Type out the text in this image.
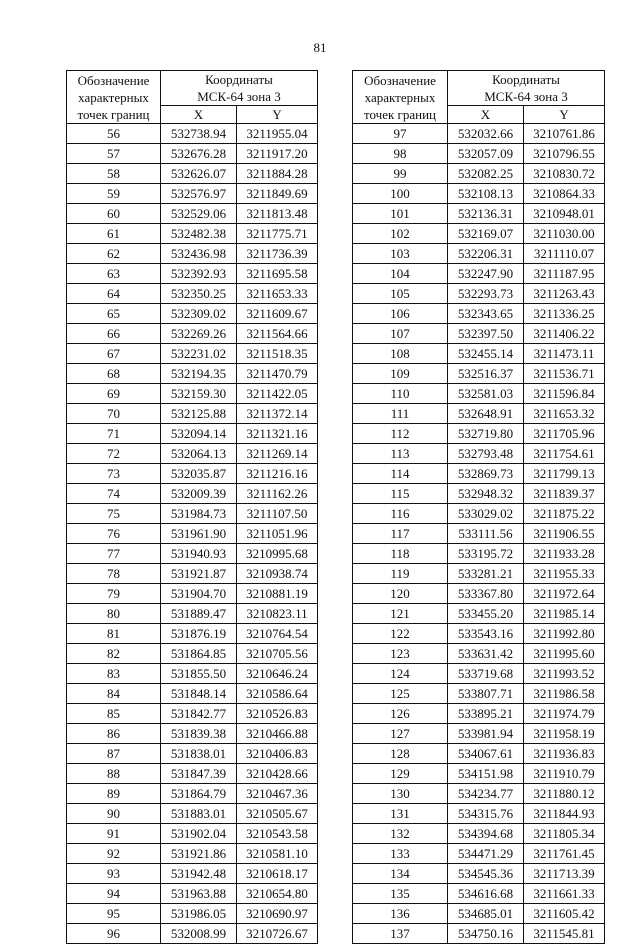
81
Обозначение
характерных
точек границ	Координаты	
	МСК-64 зона 3	
	X	Y
56	532738.94	3211955.04
57	532676.28	3211917.20
58	532626.07	3211884.28
59	532576.97	3211849.69
60	532529.06	3211813.48
61	532482.38	3211775.71
62	532436.98	3211736.39
63	532392.93	3211695.58
64	532350.25	3211653.33
65	532309.02	3211609.67
66	532269.26	3211564.66
67	532231.02	3211518.35
68	532194.35	3211470.79
69	532159.30	3211422.05
70	532125.88	3211372.14
71	532094.14	3211321.16
72	532064.13	3211269.14
73	532035.87	3211216.16
74	532009.39	3211162.26
75	531984.73	3211107.50
76	531961.90	3211051.96
77	531940.93	3210995.68
78	531921.87	3210938.74
79	531904.70	3210881.19
80	531889.47	3210823.11
81	531876.19	3210764.54
82	531864.85	3210705.56
83	531855.50	3210646.24
84	531848.14	3210586.64
85	531842.77	3210526.83
86	531839.38	3210466.88
87	531838.01	3210406.83
88	531847.39	3210428.66
89	531864.79	3210467.36
90	531883.01	3210505.67
91	531902.04	3210543.58
92	531921.86	3210581.10
93	531942.48	3210618.17
94	531963.88	3210654.80
95	531986.05	3210690.97
96	532008.99	3210726.67
Обозначение
характерных
точек границ	Координаты	
	МСК-64 зона 3	
	X	Y
97	532032.66	3210761.86
98	532057.09	3210796.55
99	532082.25	3210830.72
100	532108.13	3210864.33
101	532136.31	3210948.01
102	532169.07	3211030.00
103	532206.31	3211110.07
104	532247.90	3211187.95
105	532293.73	3211263.43
106	532343.65	3211336.25
107	532397.50	3211406.22
108	532455.14	3211473.11
109	532516.37	3211536.71
110	532581.03	3211596.84
111	532648.91	3211653.32
112	532719.80	3211705.96
113	532793.48	3211754.61
114	532869.73	3211799.13
115	532948.32	3211839.37
116	533029.02	3211875.22
117	533111.56	3211906.55
118	533195.72	3211933.28
119	533281.21	3211955.33
120	533367.80	3211972.64
121	533455.20	3211985.14
122	533543.16	3211992.80
123	533631.42	3211995.60
124	533719.68	3211993.52
125	533807.71	3211986.58
126	533895.21	3211974.79
127	533981.94	3211958.19
128	534067.61	3211936.83
129	534151.98	3211910.79
130	534234.77	3211880.12
131	534315.76	3211844.93
132	534394.68	3211805.34
133	534471.29	3211761.45
134	534545.36	3211713.39
135	534616.68	3211661.33
136	534685.01	3211605.42
137	534750.16	3211545.81
